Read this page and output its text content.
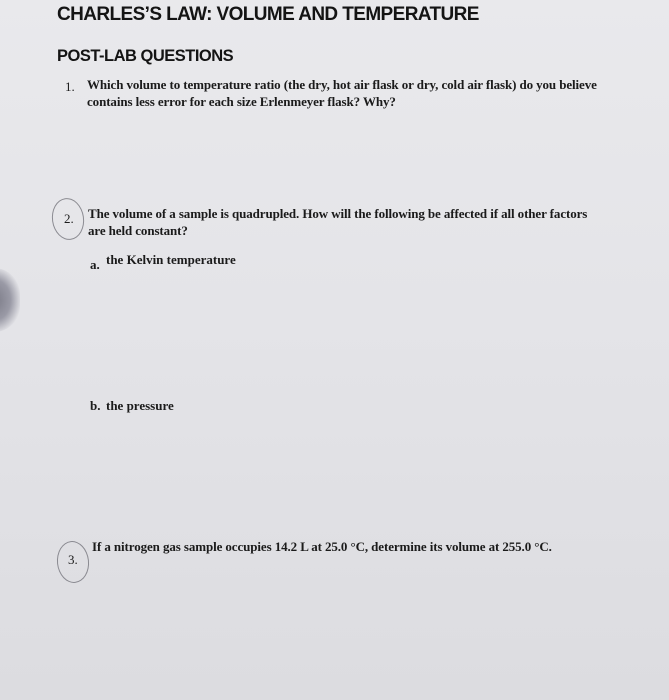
CHARLES’S LAW: VOLUME AND TEMPERATURE
POST-LAB QUESTIONS
1. Which volume to temperature ratio (the dry, hot air flask or dry, cold air flask) do you believe

contains less error for each size Erlenmeyer flask? Why?

2. The volume of a sample is quadrupled. How will the following be affected if all other factors

are held constant?

a. the Kelvin temperature
b. the pressure
3.

If a nitrogen gas sample occupies 14.2 L at 25.0 °C, determine its volume at 255.0 °C.
